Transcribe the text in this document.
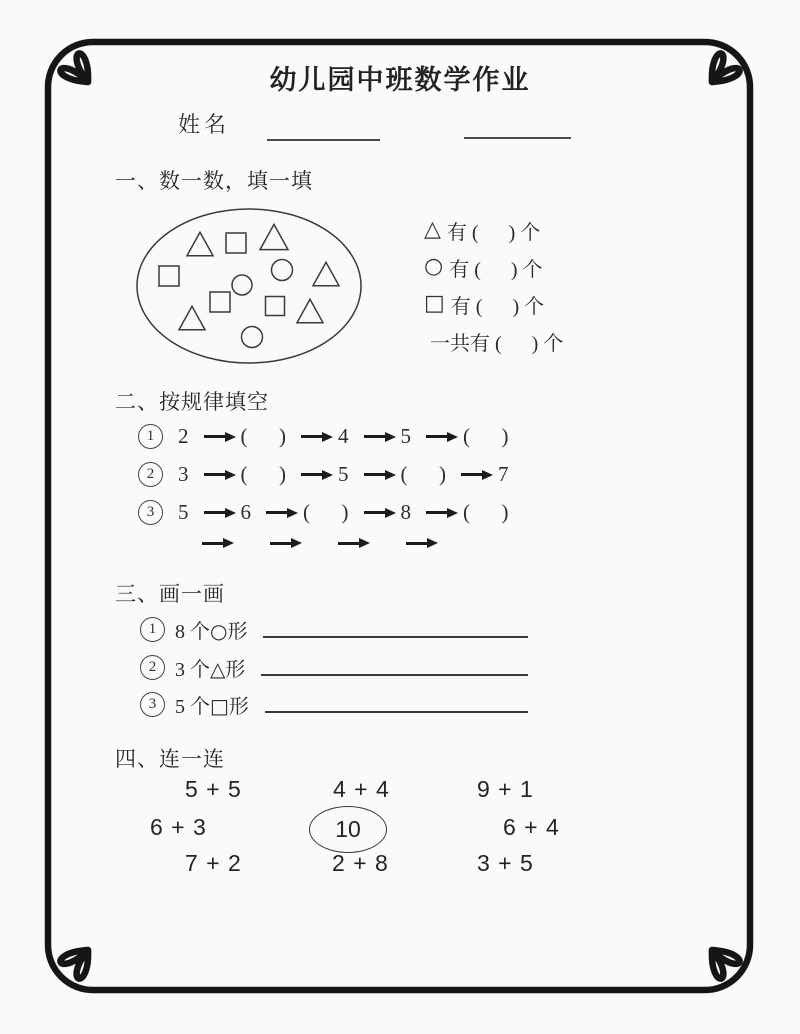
幼儿园中班数学作业
姓名
一、数一数，填一填
△ 有 (      ) 个
○ 有 (      ) 个
□ 有 (      ) 个
一共有 (      ) 个
二、按规律填空
1	2 (      ) 4 5 (      )
2	3 (      ) 5 (      ) 7
3	5 6 (      ) 8 (      )
三、画一画
1 8 个○形
2 3 个△形
3 5 个□形
四、连一连
5 + 5	4 + 4	9 + 1
6 + 3	10	6 + 4
7 + 2	2 + 8	3 + 5
